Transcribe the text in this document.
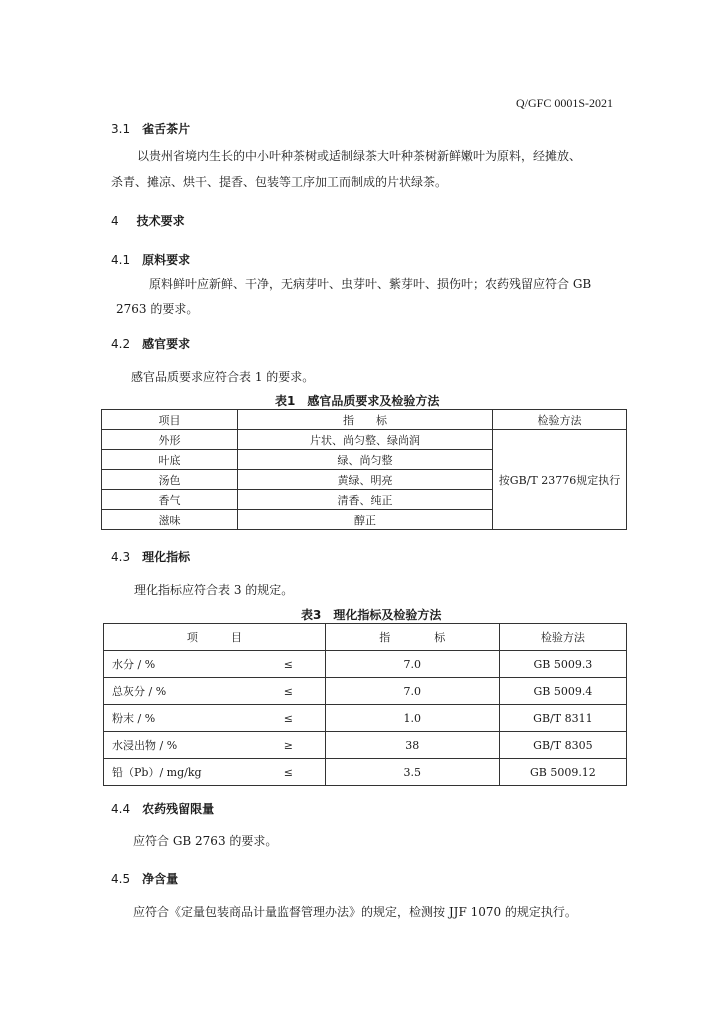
Q/GFC 0001S-2021
3.1 雀舌茶片
以贵州省境内生长的中小叶种茶树或适制绿茶大叶种茶树新鲜嫩叶为原料，经摊放、
杀青、摊凉、烘干、提香、包装等工序加工而制成的片状绿茶。
4 技术要求
4.1 原料要求
原料鲜叶应新鲜、干净，无病芽叶、虫芽叶、紫芽叶、损伤叶；农药残留应符合 GB
2763 的要求。
4.2 感官要求
感官品质要求应符合表 1 的要求。
表1　感官品质要求及检验方法
项目	指　　标	检验方法
外形	片状、尚匀整、绿尚润	按GB/T 23776规定执行
叶底	绿、尚匀整	
汤色	黄绿、明亮	
香气	清香、纯正	
滋味	醇正	
4.3 理化指标
理化指标应符合表 3 的规定。
表3　理化指标及检验方法
项　　　目		指　　　　标	检验方法
水分 / %	≤	7.0	GB 5009.3
总灰分 / %	≤	7.0	GB 5009.4
粉末 / %	≤	1.0	GB/T 8311
水浸出物 / %	≥	38	GB/T 8305
铅（Pb）/ mg/kg	≤	3.5	GB 5009.12
4.4 农药残留限量
应符合 GB 2763 的要求。
4.5 净含量
应符合《定量包装商品计量监督管理办法》的规定，检测按 JJF 1070 的规定执行。
